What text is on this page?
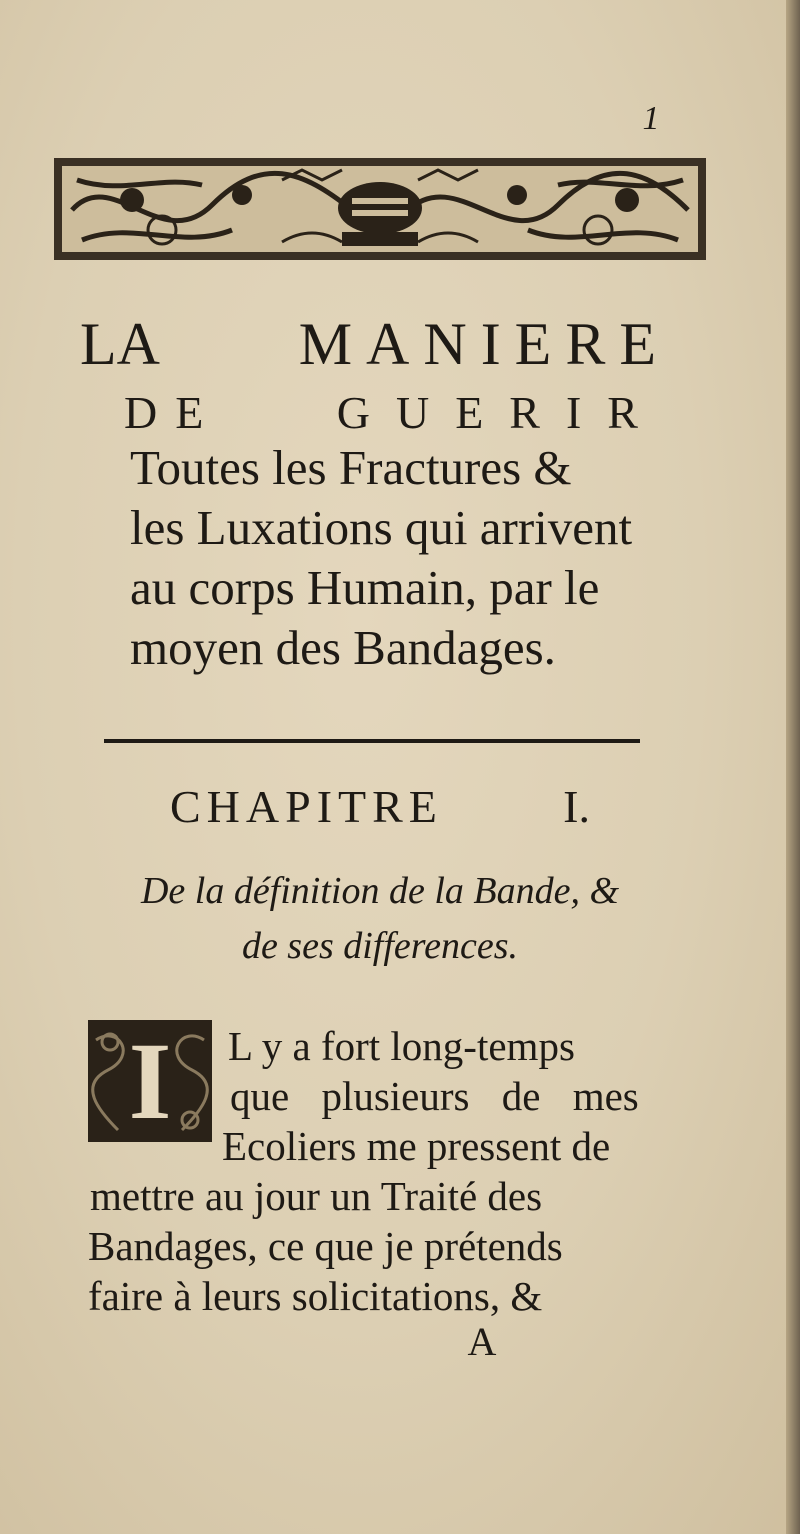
1
LA MANIERE
DE	GUERIR
Toutes les Fractures &
les Luxations qui arrivent
au corps Humain, par le
moyen des Bandages.
CHAPITRE	I.
De la définition de la Bande, &
de ses differences.
I L y a fort long-temps
que plusieurs de mes
Ecoliers me pressent de
mettre au jour un Traité des
Bandages, ce que je prétends
faire à leurs solicitations, &
A
